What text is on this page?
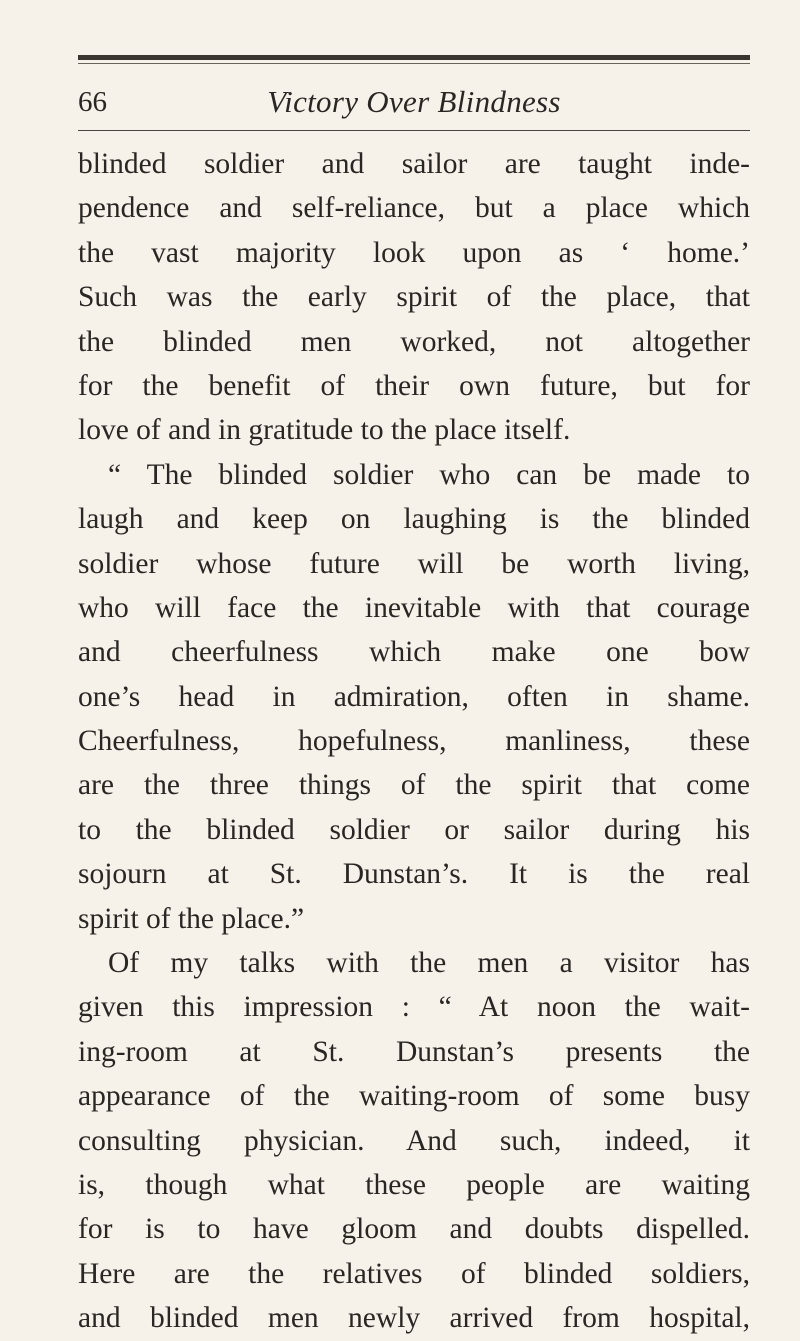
66	Victory Over Blindness
blinded soldier and sailor are taught inde-
pendence and self-reliance, but a place which
the vast majority look upon as ‘ home.’
Such was the early spirit of the place, that
the blinded men worked, not altogether
for the benefit of their own future, but for
love of and in gratitude to the place itself.
“ The blinded soldier who can be made to
laugh and keep on laughing is the blinded
soldier whose future will be worth living,
who will face the inevitable with that courage
and cheerfulness which make one bow
one’s head in admiration, often in shame.
Cheerfulness, hopefulness, manliness, these
are the three things of the spirit that come
to the blinded soldier or sailor during his
sojourn at St. Dunstan’s. It is the real
spirit of the place.”
Of my talks with the men a visitor has
given this impression : “ At noon the wait-
ing-room at St. Dunstan’s presents the
appearance of the waiting-room of some busy
consulting physician. And such, indeed, it
is, though what these people are waiting
for is to have gloom and doubts dispelled.
Here are the relatives of blinded soldiers,
and blinded men newly arrived from hospital,
